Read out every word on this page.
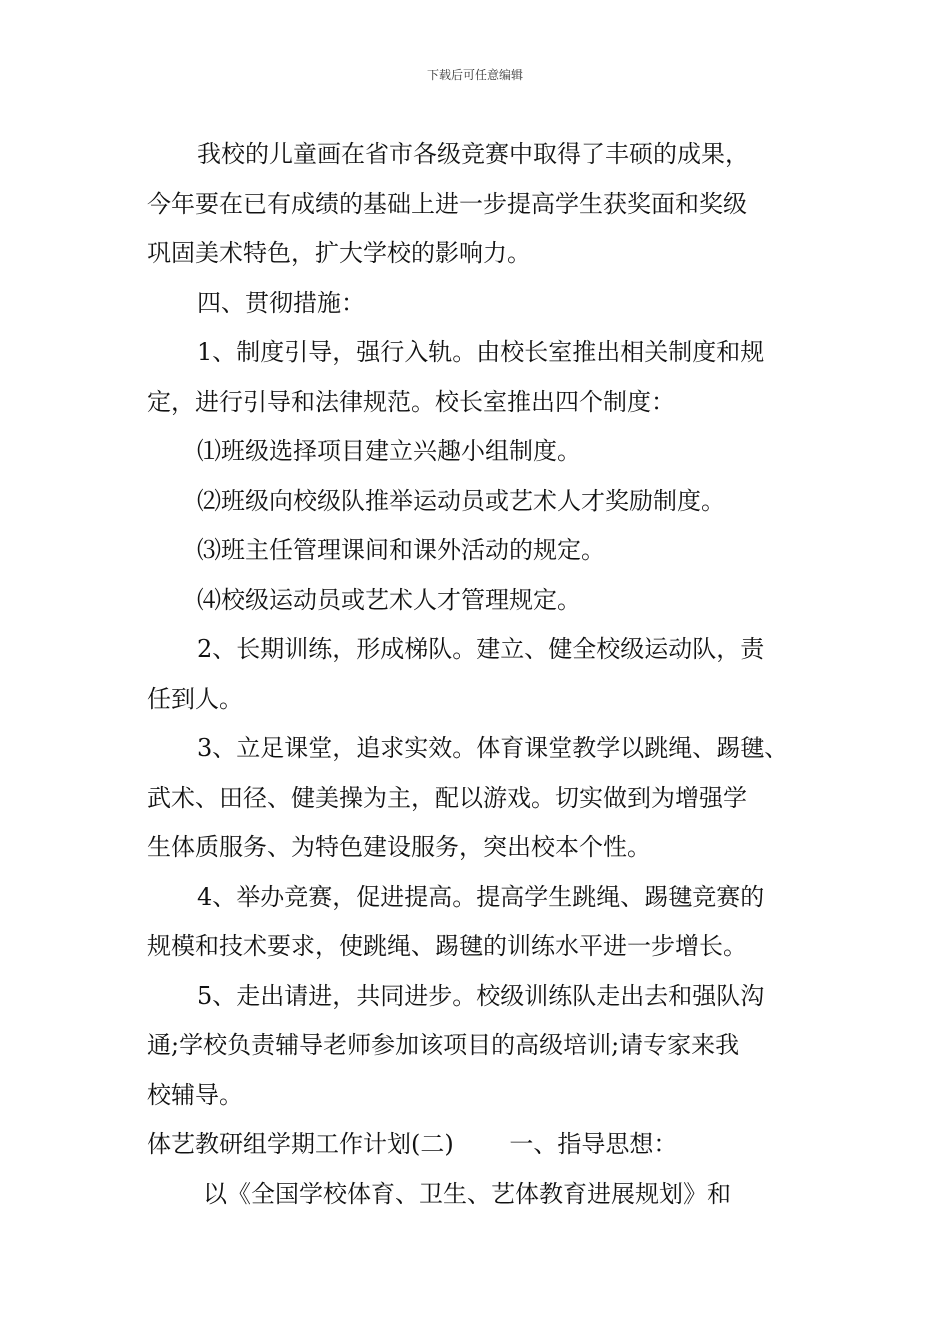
下载后可任意编辑
我校的儿童画在省市各级竞赛中取得了丰硕的成果，
今年要在已有成绩的基础上进一步提高学生获奖面和奖级
巩固美术特色，扩大学校的影响力。
四、贯彻措施：
1、制度引导，强行入轨。由校长室推出相关制度和规
定，进行引导和法律规范。校长室推出四个制度：
⑴班级选择项目建立兴趣小组制度。
⑵班级向校级队推举运动员或艺术人才奖励制度。
⑶班主任管理课间和课外活动的规定。
⑷校级运动员或艺术人才管理规定。
2、长期训练，形成梯队。建立、健全校级运动队，责
任到人。
3、立足课堂，追求实效。体育课堂教学以跳绳、踢毽、
武术、田径、健美操为主，配以游戏。切实做到为增强学
生体质服务、为特色建设服务，突出校本个性。
4、举办竞赛，促进提高。提高学生跳绳、踢毽竞赛的
规模和技术要求，使跳绳、踢毽的训练水平进一步增长。
5、走出请进，共同进步。校级训练队走出去和强队沟
通;学校负责辅导老师参加该项目的高级培训;请专家来我
校辅导。
体艺教研组学期工作计划(二)　　 一、指导思想：
以《全国学校体育、卫生、艺体教育进展规划》和
